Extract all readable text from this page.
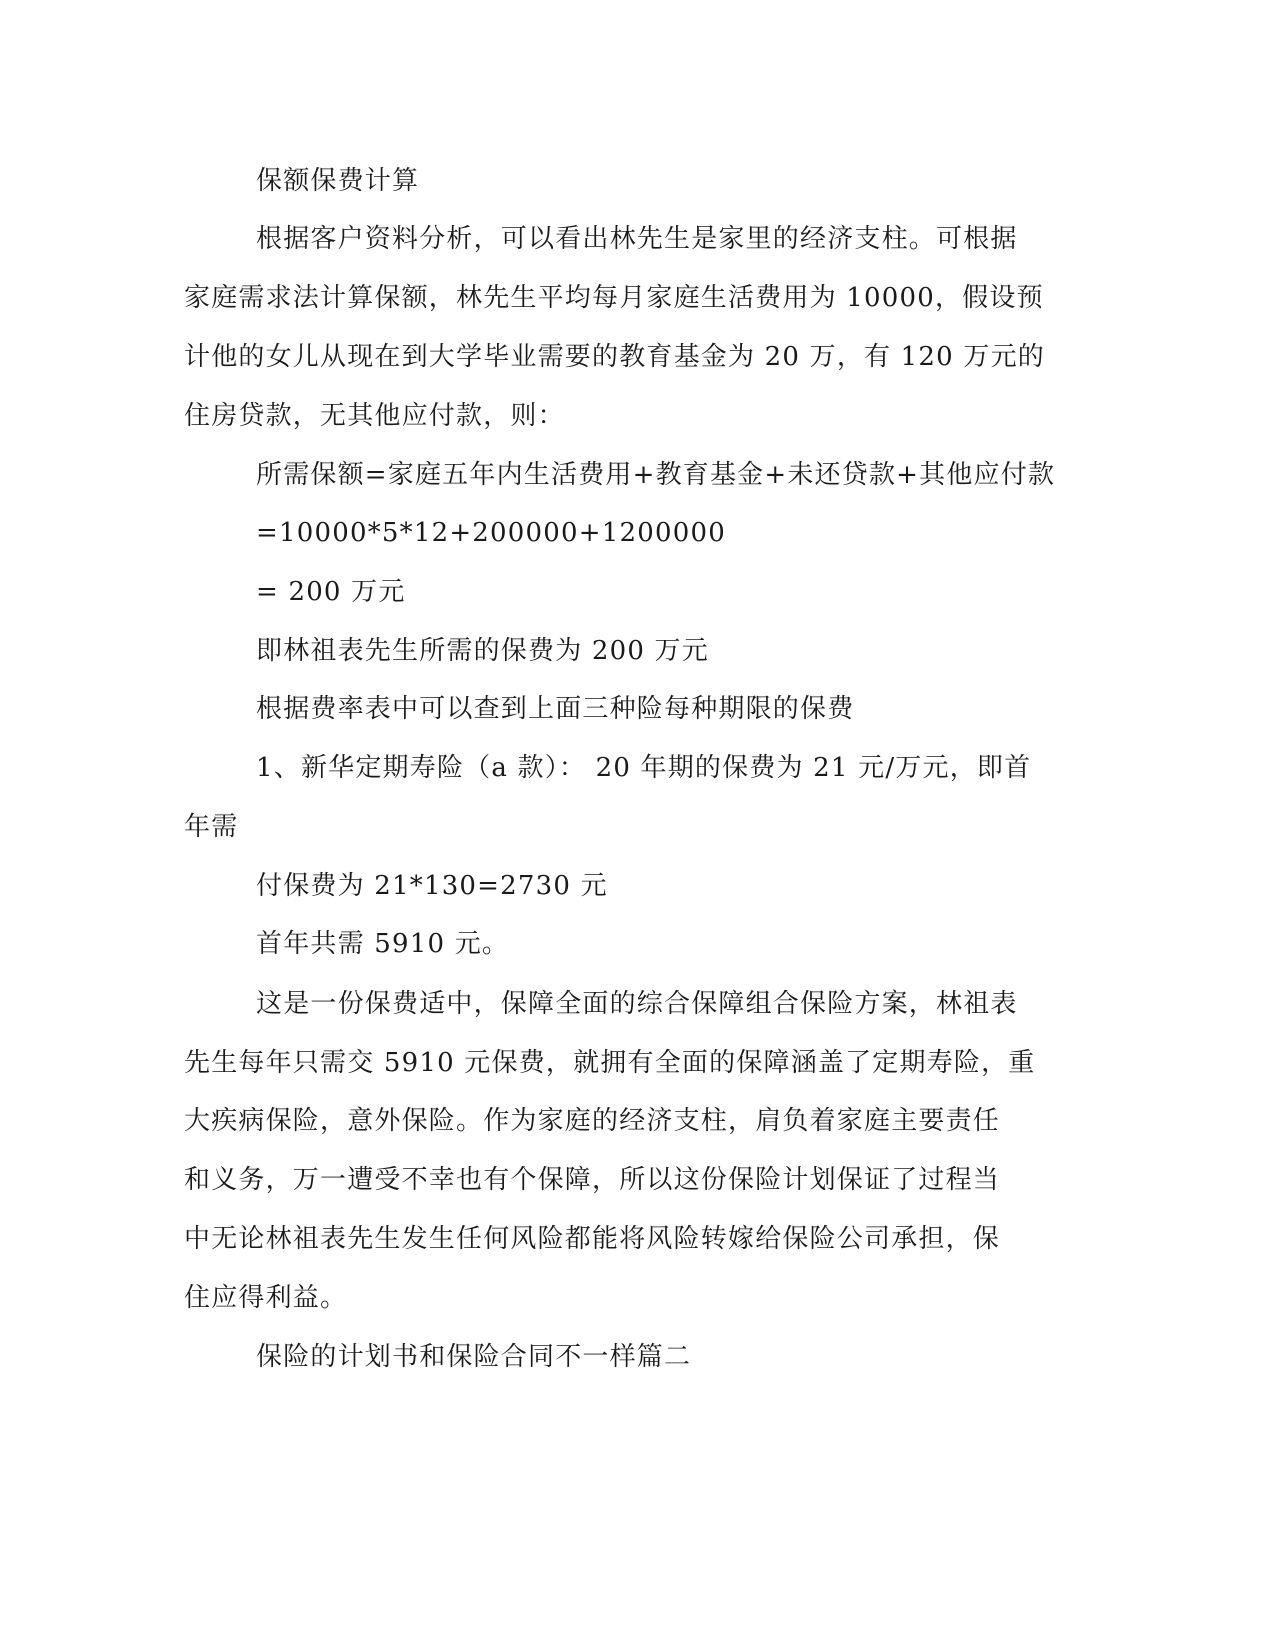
保额保费计算
根据客户资料分析，可以看出林先生是家里的经济支柱。可根据
家庭需求法计算保额，林先生平均每月家庭生活费用为 10000，假设预
计他的女儿从现在到大学毕业需要的教育基金为 20 万，有 120 万元的
住房贷款，无其他应付款，则：
所需保额=家庭五年内生活费用+教育基金+未还贷款+其他应付款
=10000*5*12+200000+1200000
= 200 万元
即林祖表先生所需的保费为 200 万元
根据费率表中可以查到上面三种险每种期限的保费
1、新华定期寿险（a 款）： 20 年期的保费为 21 元/万元，即首
年需
付保费为 21*130=2730 元
首年共需 5910 元。
这是一份保费适中，保障全面的综合保障组合保险方案，林祖表
先生每年只需交 5910 元保费，就拥有全面的保障涵盖了定期寿险，重
大疾病保险，意外保险。作为家庭的经济支柱，肩负着家庭主要责任
和义务，万一遭受不幸也有个保障，所以这份保险计划保证了过程当
中无论林祖表先生发生任何风险都能将风险转嫁给保险公司承担，保
住应得利益。
保险的计划书和保险合同不一样篇二
